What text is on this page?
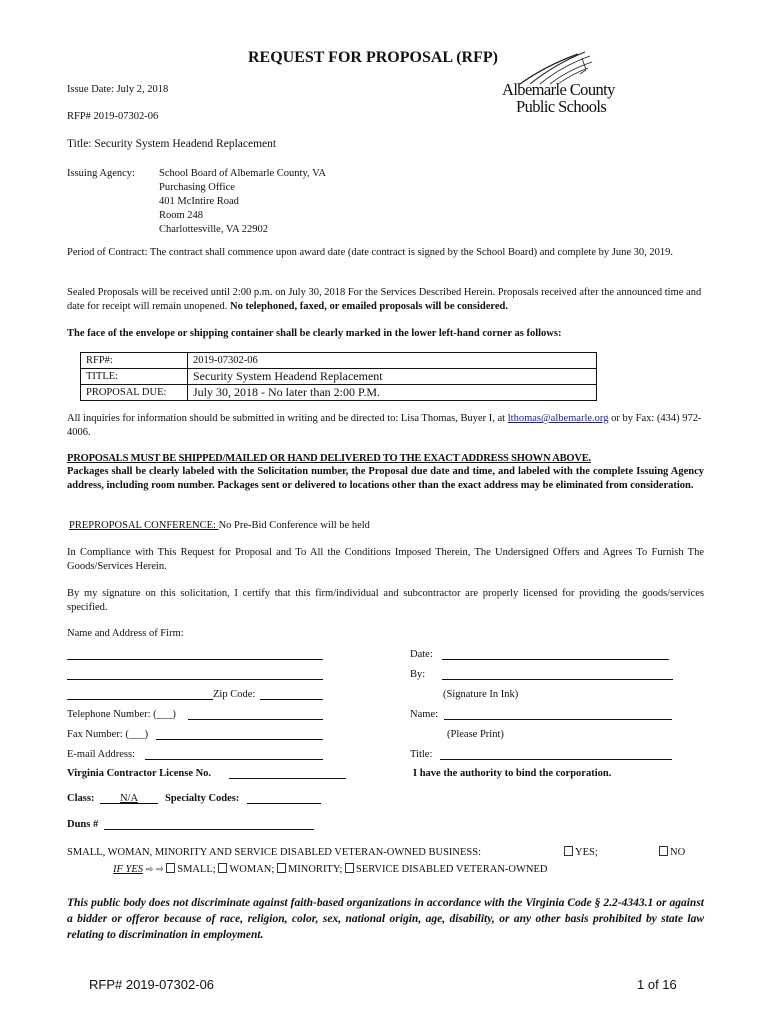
REQUEST FOR PROPOSAL (RFP)
Albemarle County
Public Schools
Issue Date: July 2, 2018
RFP# 2019-07302-06
Title: Security System Headend Replacement
Issuing Agency: School Board of Albemarle County, VA
Purchasing Office
401 McIntire Road
Room 248
Charlottesville, VA 22902
Period of Contract: The contract shall commence upon award date (date contract is signed by the School Board) and complete by June 30, 2019.
Sealed Proposals will be received until 2:00 p.m. on July 30, 2018 For the Services Described Herein. Proposals received after the announced time and date for receipt will remain unopened. No telephoned, faxed, or emailed proposals will be considered.
The face of the envelope or shipping container shall be clearly marked in the lower left-hand corner as follows:
RFP#:	2019-07302-06
TITLE:	Security System Headend Replacement
PROPOSAL DUE:	July 30, 2018 - No later than 2:00 P.M.
All inquiries for information should be submitted in writing and be directed to: Lisa Thomas, Buyer I, at lthomas@albemarle.org or by Fax: (434) 972-4006.
PROPOSALS MUST BE SHIPPED/MAILED OR HAND DELIVERED TO THE EXACT ADDRESS SHOWN ABOVE.
Packages shall be clearly labeled with the Solicitation number, the Proposal due date and time, and labeled with the complete Issuing Agency address, including room number. Packages sent or delivered to locations other than the exact address may be eliminated from consideration.
PREPROPOSAL CONFERENCE: No Pre-Bid Conference will be held
In Compliance with This Request for Proposal and To All the Conditions Imposed Therein, The Undersigned Offers and Agrees To Furnish The Goods/Services Herein.
By my signature on this solicitation, I certify that this firm/individual and subcontractor are properly licensed for providing the goods/services specified.
Name and Address of Firm:
Zip Code:
Telephone Number: (___)
Fax Number: (___)
E-mail Address:
Virginia Contractor License No.
Date:
By:
(Signature In Ink)
Name:
(Please Print)
Title:
I have the authority to bind the corporation.
Class:	N/A	Specialty Codes:
Duns #
SMALL, WOMAN, MINORITY AND SERVICE DISABLED VETERAN-OWNED BUSINESS:	YES;	NO
IF YES ⇨ ⇨ SMALL; WOMAN; MINORITY; SERVICE DISABLED VETERAN-OWNED
This public body does not discriminate against faith-based organizations in accordance with the Virginia Code § 2.2-4343.1 or against a bidder or offeror because of race, religion, color, sex, national origin, age, disability, or any other basis prohibited by state law relating to discrimination in employment.
RFP# 2019-07302-06	1 of 16
